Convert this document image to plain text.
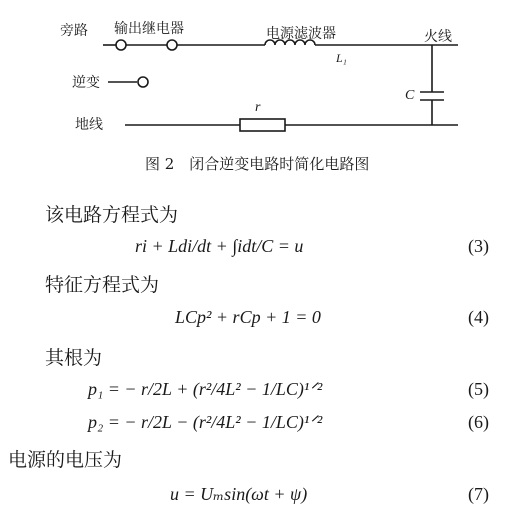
旁路 输出继电器	电源滤波器
L₁
火线
逆变
C
r
地线
图 2　闭合逆变电路时简化电路图
该电路方程式为
ri + Ldi/dt + ∫idt/C = u	(3)
特征方程式为
LCp² + rCp + 1 = 0	(4)
其根为
p₁ = − r/2L + (r²/4L² − 1/LC)¹ᐟ²	(5)
p₂ = − r/2L − (r²/4L² − 1/LC)¹ᐟ²	(6)
电源的电压为
u = Uₘsin(ωt + ψ)	(7)
